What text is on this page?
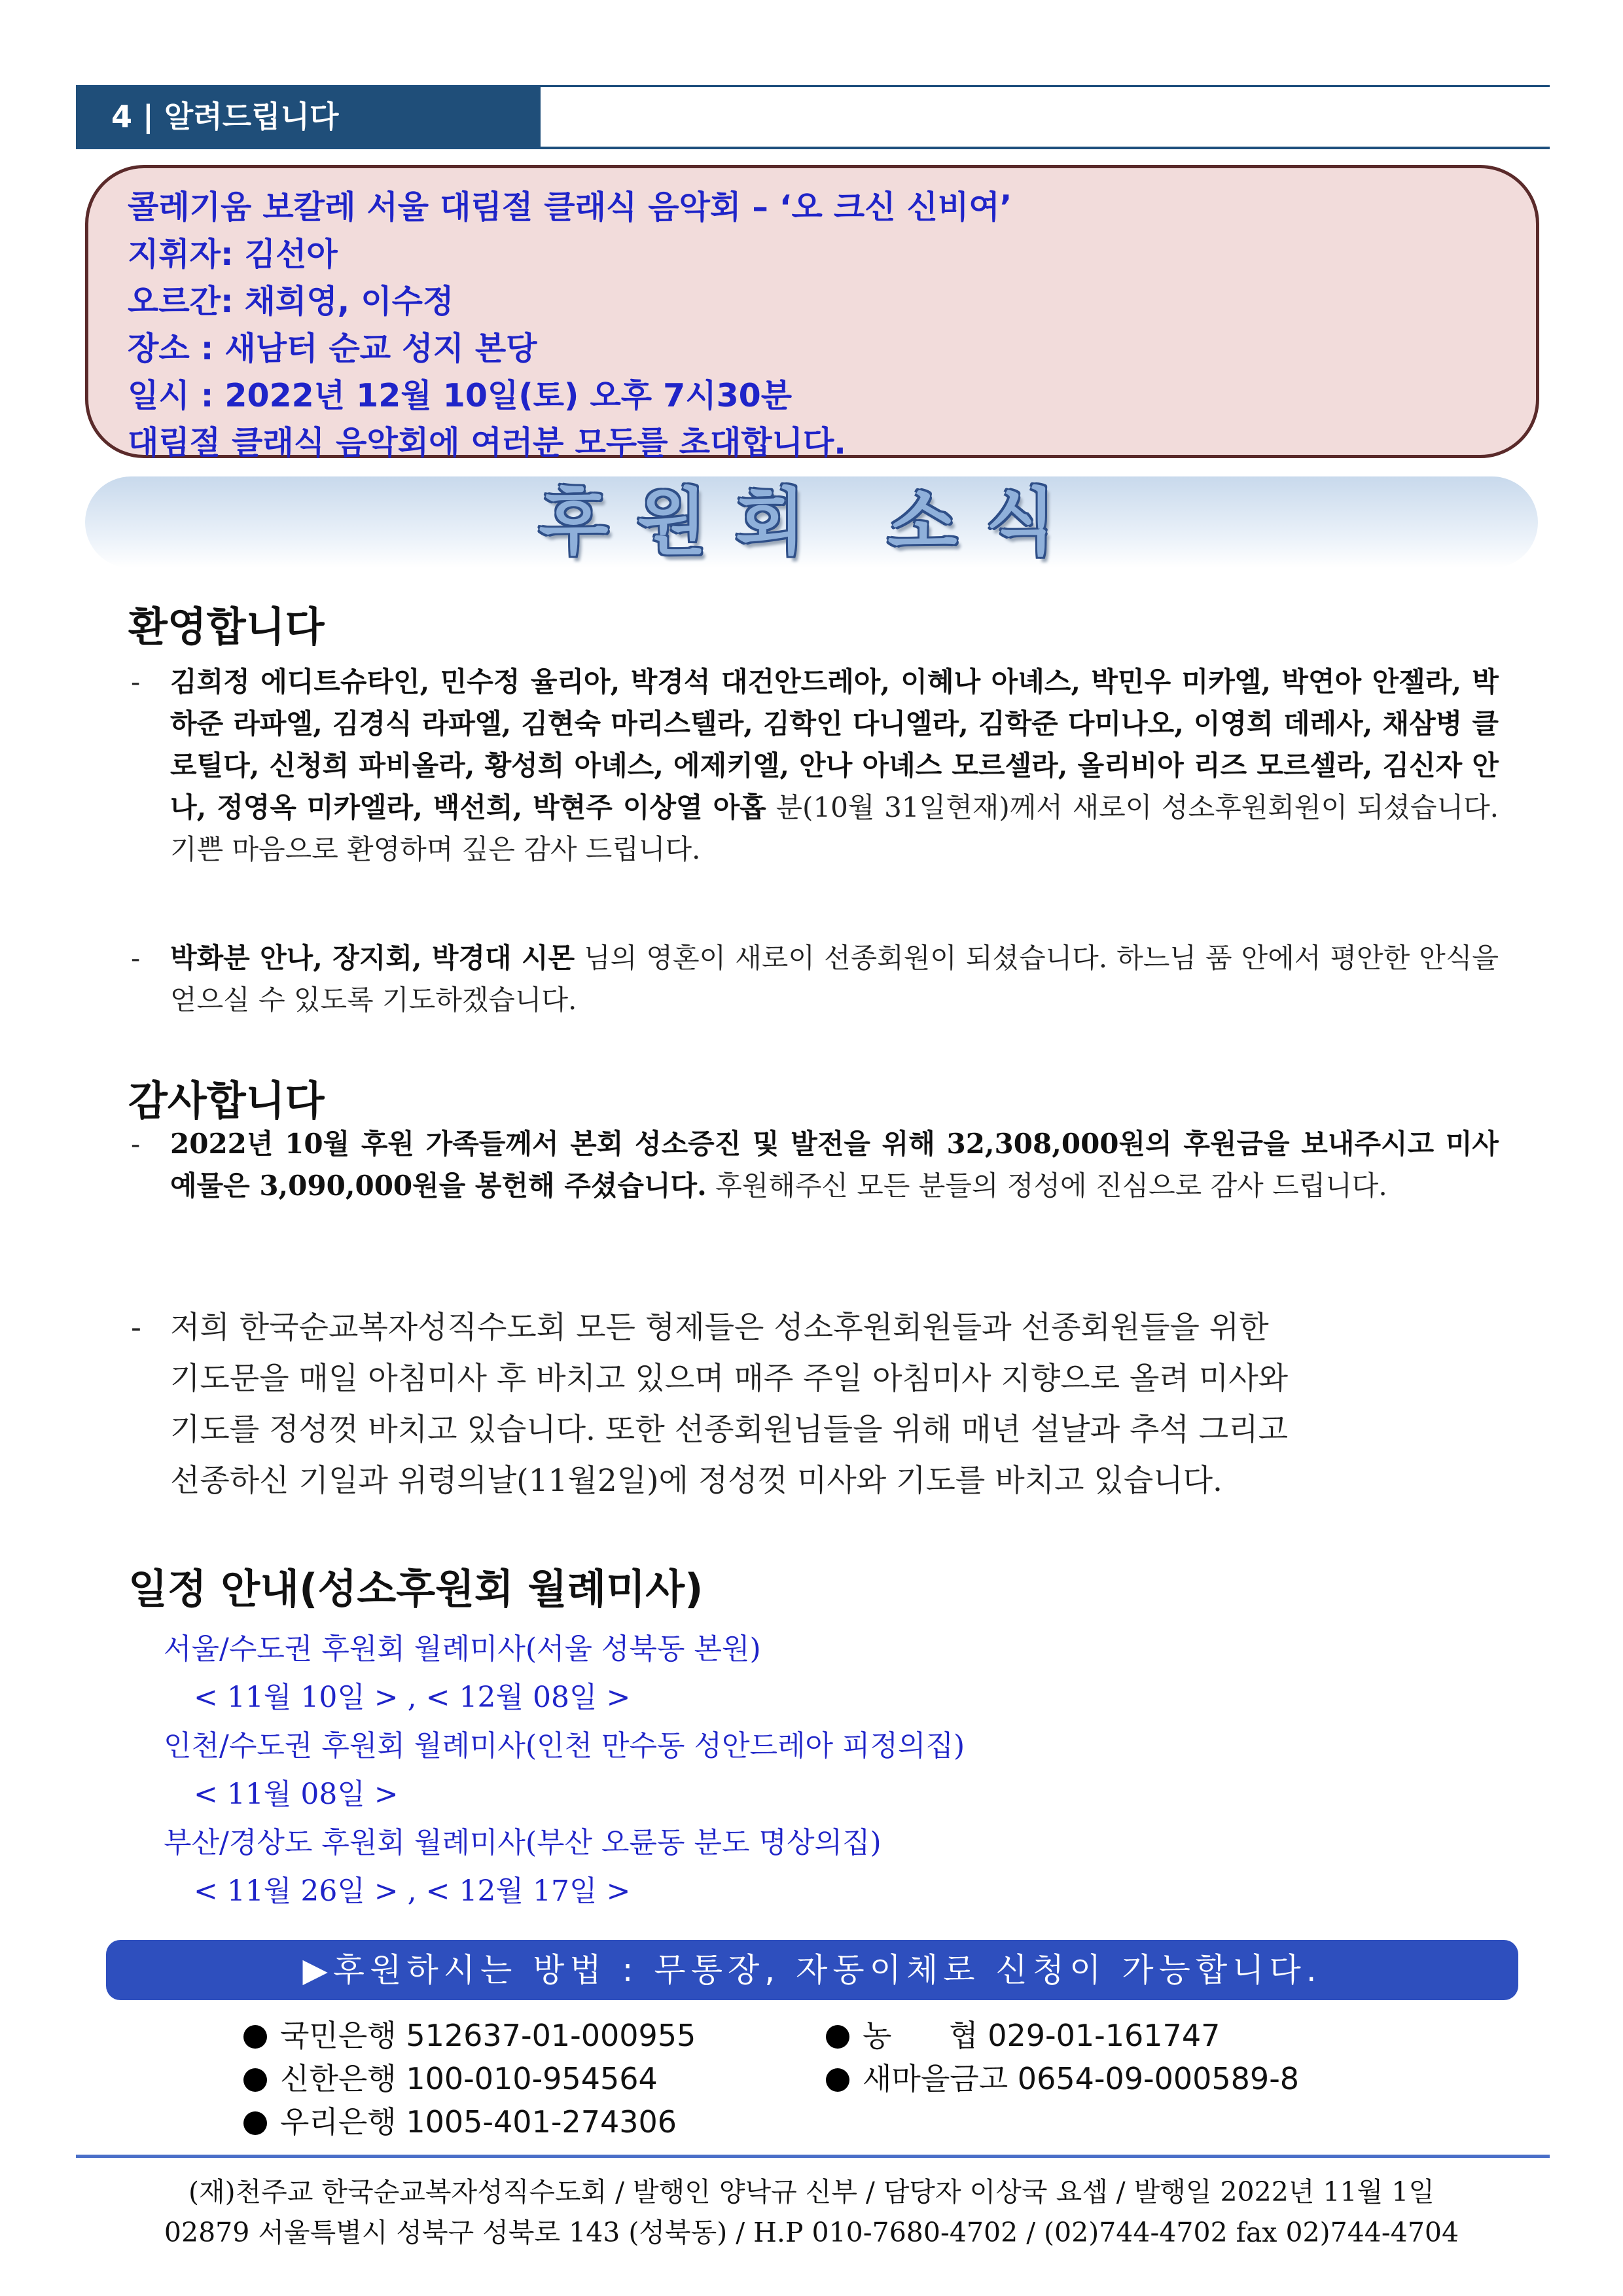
4 | 알려드립니다
콜레기움 보칼레 서울 대림절 클래식 음악회 – ‘오 크신 신비여’
지휘자: 김선아
오르간: 채희영, 이수정
장소 : 새남터 순교 성지 본당
일시 : 2022년 12월 10일(토) 오후 7시30분
대림절 클래식 음악회에 여러분 모두를 초대합니다.
후원회 소식
환영합니다
- 김희정 에디트슈타인, 민수정 율리아, 박경석 대건안드레아, 이혜나 아녜스, 박민우 미카엘, 박연아 안젤라, 박하준 라파엘, 김경식 라파엘, 김현숙 마리스텔라, 김학인 다니엘라, 김학준 다미나오, 이영희 데레사, 채삼병 클로틸다, 신청희 파비올라, 황성희 아녜스, 에제키엘, 안나 아녜스 모르셀라, 올리비아 리즈 모르셀라, 김신자 안나, 정영옥 미카엘라, 백선희, 박현주 이상열 아홉 분(10월 31일현재)께서 새로이 성소후원회원이 되셨습니다. 기쁜 마음으로 환영하며 깊은 감사 드립니다.
- 박화분 안나, 장지회, 박경대 시몬 님의 영혼이 새로이 선종회원이 되셨습니다. 하느님 품 안에서 평안한 안식을 얻으실 수 있도록 기도하겠습니다.
감사합니다
- 2022년 10월 후원 가족들께서 본회 성소증진 및 발전을 위해 32,308,000원의 후원금을 보내주시고 미사예물은 3,090,000원을 봉헌해 주셨습니다. 후원해주신 모든 분들의 정성에 진심으로 감사 드립니다.
- 저희 한국순교복자성직수도회 모든 형제들은 성소후원회원들과 선종회원들을 위한
기도문을 매일 아침미사 후 바치고 있으며 매주 주일 아침미사 지향으로 올려 미사와
기도를 정성껏 바치고 있습니다. 또한 선종회원님들을 위해 매년 설날과 추석 그리고
선종하신 기일과 위령의날(11월2일)에 정성껏 미사와 기도를 바치고 있습니다.
일정 안내(성소후원회 월례미사)
서울/수도권 후원회 월례미사(서울 성북동 본원)
< 11월 10일 > , < 12월 08일 >
인천/수도권 후원회 월례미사(인천 만수동 성안드레아 피정의집)
< 11월 08일 >
부산/경상도 후원회 월례미사(부산 오륜동 분도 명상의집)
< 11월 26일 > , < 12월 17일 >
▶후원하시는 방법 : 무통장, 자동이체로 신청이 가능합니다.
국민은행 512637-01-000955	농      협 029-01-161747
신한은행 100-010-954564	새마을금고 0654-09-000589-8
우리은행 1005-401-274306
(재)천주교 한국순교복자성직수도회 / 발행인 양낙규 신부 / 담당자 이상국 요셉 / 발행일 2022년 11월 1일
02879 서울특별시 성북구 성북로 143 (성북동) / H.P 010-7680-4702 / (02)744-4702 fax 02)744-4704
